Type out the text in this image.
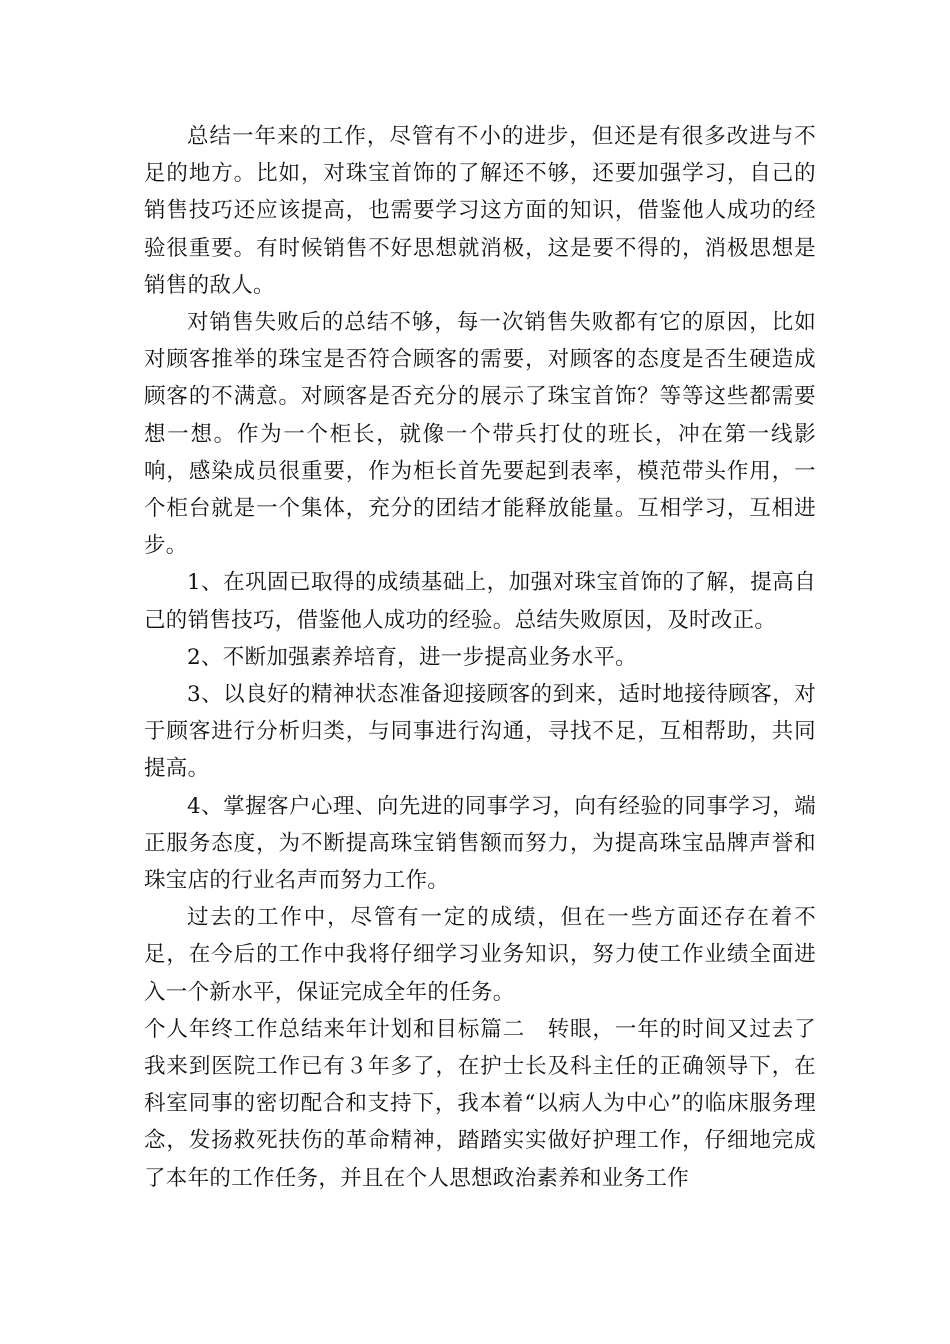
总结一年来的工作，尽管有不小的进步，但还是有很多改进与不足的地方。比如，对珠宝首饰的了解还不够，还要加强学习，自己的销售技巧还应该提高，也需要学习这方面的知识，借鉴他人成功的经验很重要。有时候销售不好思想就消极，这是要不得的，消极思想是销售的敌人。

对销售失败后的总结不够，每一次销售失败都有它的原因，比如对顾客推举的珠宝是否符合顾客的需要，对顾客的态度是否生硬造成顾客的不满意。对顾客是否充分的展示了珠宝首饰？等等这些都需要想一想。作为一个柜长，就像一个带兵打仗的班长，冲在第一线影响，感染成员很重要，作为柜长首先要起到表率，模范带头作用，一个柜台就是一个集体，充分的团结才能释放能量。互相学习，互相进步。

1、在巩固已取得的成绩基础上，加强对珠宝首饰的了解，提高自己的销售技巧，借鉴他人成功的经验。总结失败原因，及时改正。

2、不断加强素养培育，进一步提高业务水平。

3、以良好的精神状态准备迎接顾客的到来，适时地接待顾客，对于顾客进行分析归类，与同事进行沟通，寻找不足，互相帮助，共同提高。

4、掌握客户心理、向先进的同事学习，向有经验的同事学习，端正服务态度，为不断提高珠宝销售额而努力，为提高珠宝品牌声誉和珠宝店的行业名声而努力工作。

过去的工作中，尽管有一定的成绩，但在一些方面还存在着不足，在今后的工作中我将仔细学习业务知识，努力使工作业绩全面进入一个新水平，保证完成全年的任务。

个人年终工作总结来年计划和目标篇二　转眼，一年的时间又过去了我来到医院工作已有３年多了，在护士长及科主任的正确领导下，在科室同事的密切配合和支持下，我本着“以病人为中心”的临床服务理念，发扬救死扶伤的革命精神，踏踏实实做好护理工作，仔细地完成了本年的工作任务，并且在个人思想政治素养和业务工作
